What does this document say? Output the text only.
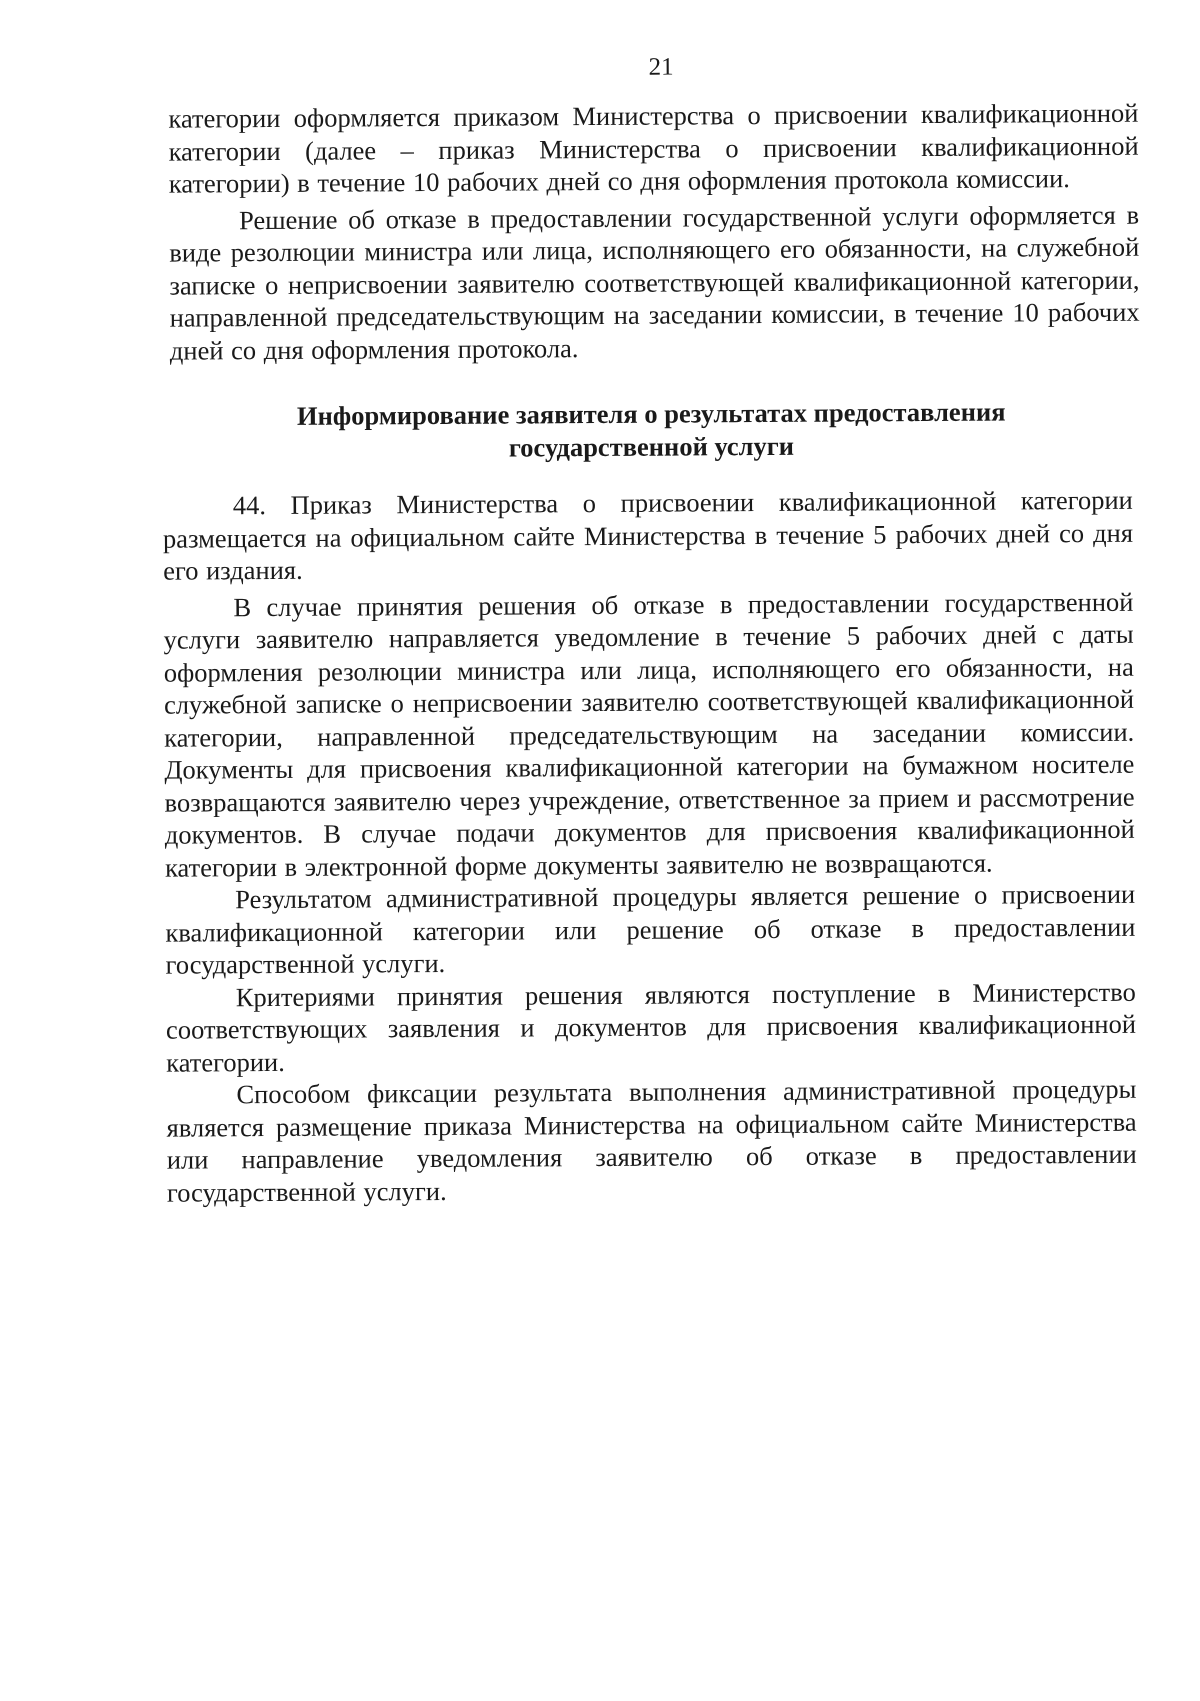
21

категории оформляется приказом Министерства о присвоении квалификационной категории (далее – приказ Министерства о присвоении квалификационной категории) в течение 10 рабочих дней со дня оформления протокола комиссии.

Решение об отказе в предоставлении государственной услуги оформляется в виде резолюции министра или лица, исполняющего его обязанности, на служебной записке о неприсвоении заявителю соответствующей квалификационной категории, направленной председательствующим на заседании комиссии, в течение 10 рабочих дней со дня оформления протокола.

Информирование заявителя о результатах предоставления

государственной услуги

44. Приказ Министерства о присвоении квалификационной категории размещается на официальном сайте Министерства в течение 5 рабочих дней со дня его издания.

В случае принятия решения об отказе в предоставлении государственной услуги заявителю направляется уведомление в течение 5 рабочих дней с даты оформления резолюции министра или лица, исполняющего его обязанности, на служебной записке о неприсвоении заявителю соответствующей квалификационной категории, направленной председательствующим на заседании комиссии. Документы для присвоения квалификационной категории на бумажном носителе возвращаются заявителю через учреждение, ответственное за прием и рассмотрение документов. В случае подачи документов для присвоения квалификационной категории в электронной форме документы заявителю не возвращаются.

Результатом административной процедуры является решение о присвоении квалификационной категории или решение об отказе в предоставлении государственной услуги.

Критериями принятия решения являются поступление в Министерство соответствующих заявления и документов для присвоения квалификационной категории.

Способом фиксации результата выполнения административной процедуры является размещение приказа Министерства на официальном сайте Министерства или направление уведомления заявителю об отказе в предоставлении государственной услуги.
